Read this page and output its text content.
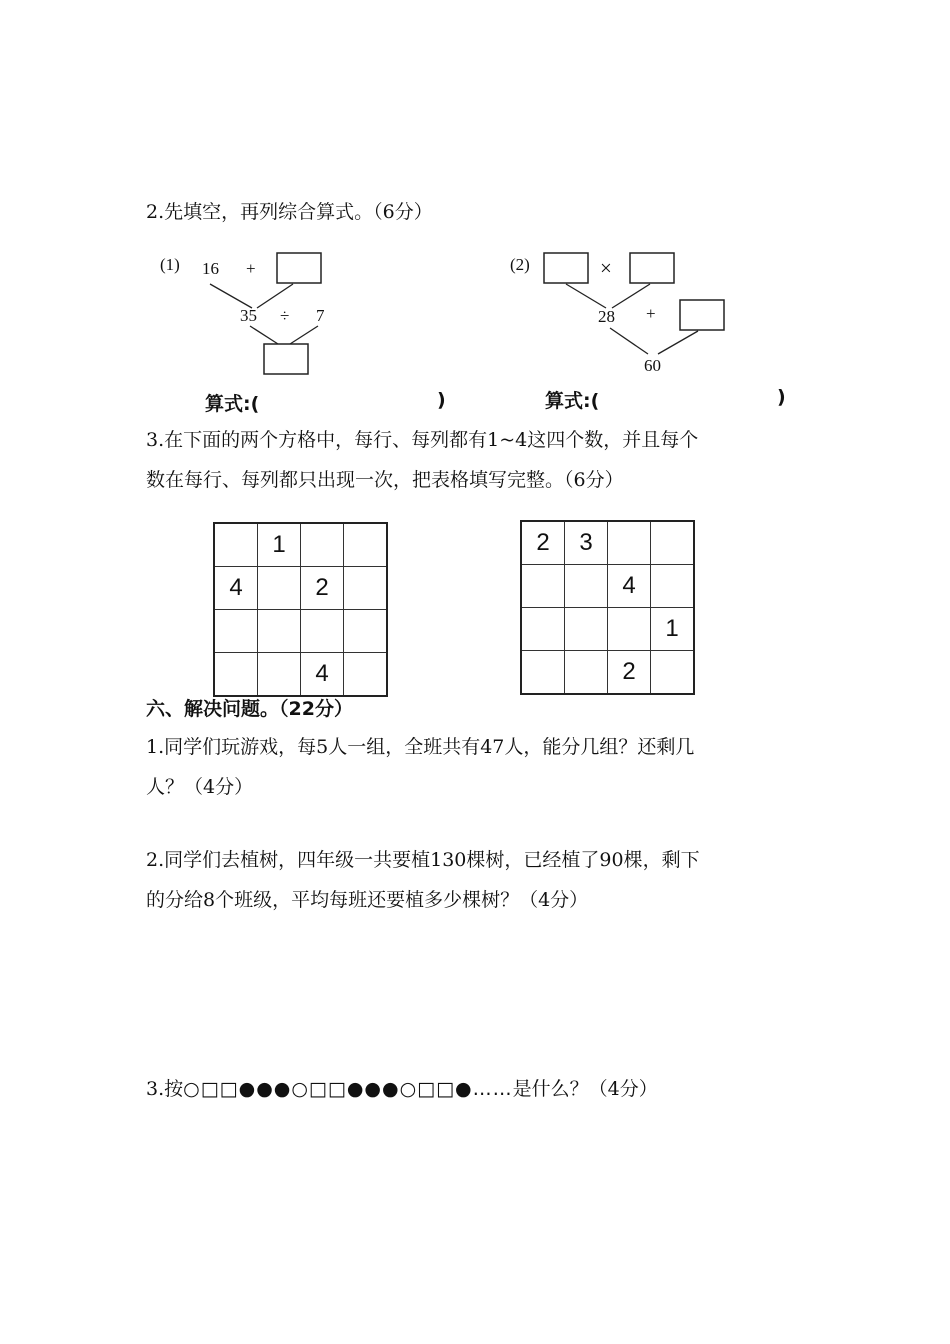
2.先填空，再列综合算式。（6分）
(1) 16 +
35 ÷ 7
算式:(	)
(2)	×
28 +
60
算式:(	)
3.在下面的两个方格中，每行、每列都有1~4这四个数，并且每个
数在每行、每列都只出现一次，把表格填写完整。（6分）
	1		
4		2	

		4	
2	3		
		4	
			1
		2	
六、解决问题。（22分）
1.同学们玩游戏，每5人一组，全班共有47人，能分几组？还剩几
人？（4分）
2.同学们去植树，四年级一共要植130棵树，已经植了90棵，剩下
的分给8个班级，平均每班还要植多少棵树？（4分）
3.按○□□●●●○□□●●●○□□●……是什么？（4分）
